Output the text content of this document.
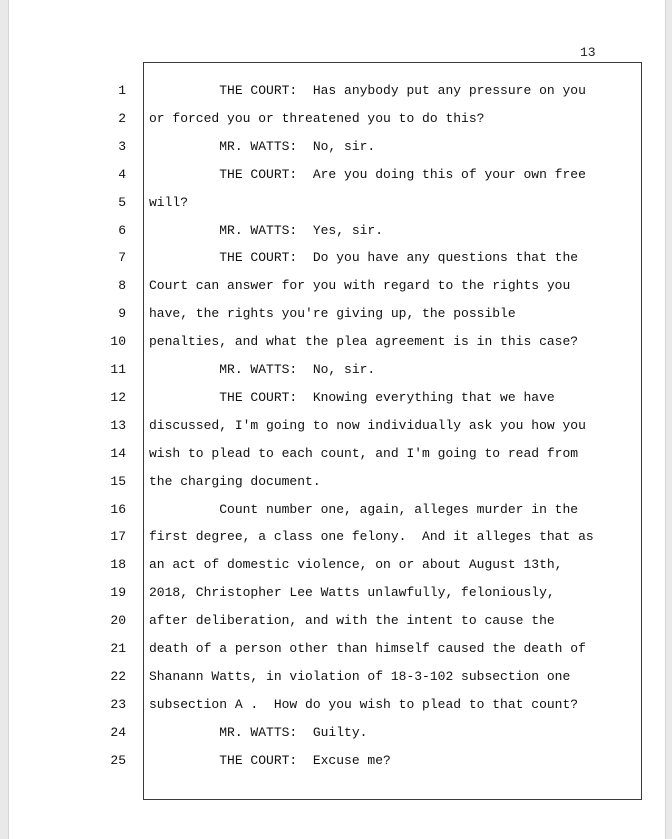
13
1 THE COURT:  Has anybody put any pressure on you
2 or forced you or threatened you to do this?
3 MR. WATTS:  No, sir.
4 THE COURT:  Are you doing this of your own free
5 will?
6 MR. WATTS:  Yes, sir.
7 THE COURT:  Do you have any questions that the
8 Court can answer for you with regard to the rights you
9 have, the rights you're giving up, the possible
10 penalties, and what the plea agreement is in this case?
11 MR. WATTS:  No, sir.
12 THE COURT:  Knowing everything that we have
13 discussed, I'm going to now individually ask you how you
14 wish to plead to each count, and I'm going to read from
15 the charging document.
16 Count number one, again, alleges murder in the
17 first degree, a class one felony.  And it alleges that as
18 an act of domestic violence, on or about August 13th,
19 2018, Christopher Lee Watts unlawfully, feloniously,
20 after deliberation, and with the intent to cause the
21 death of a person other than himself caused the death of
22 Shanann Watts, in violation of 18-3-102 subsection one
23 subsection A .  How do you wish to plead to that count?
24 MR. WATTS:  Guilty.
25 THE COURT:  Excuse me?
